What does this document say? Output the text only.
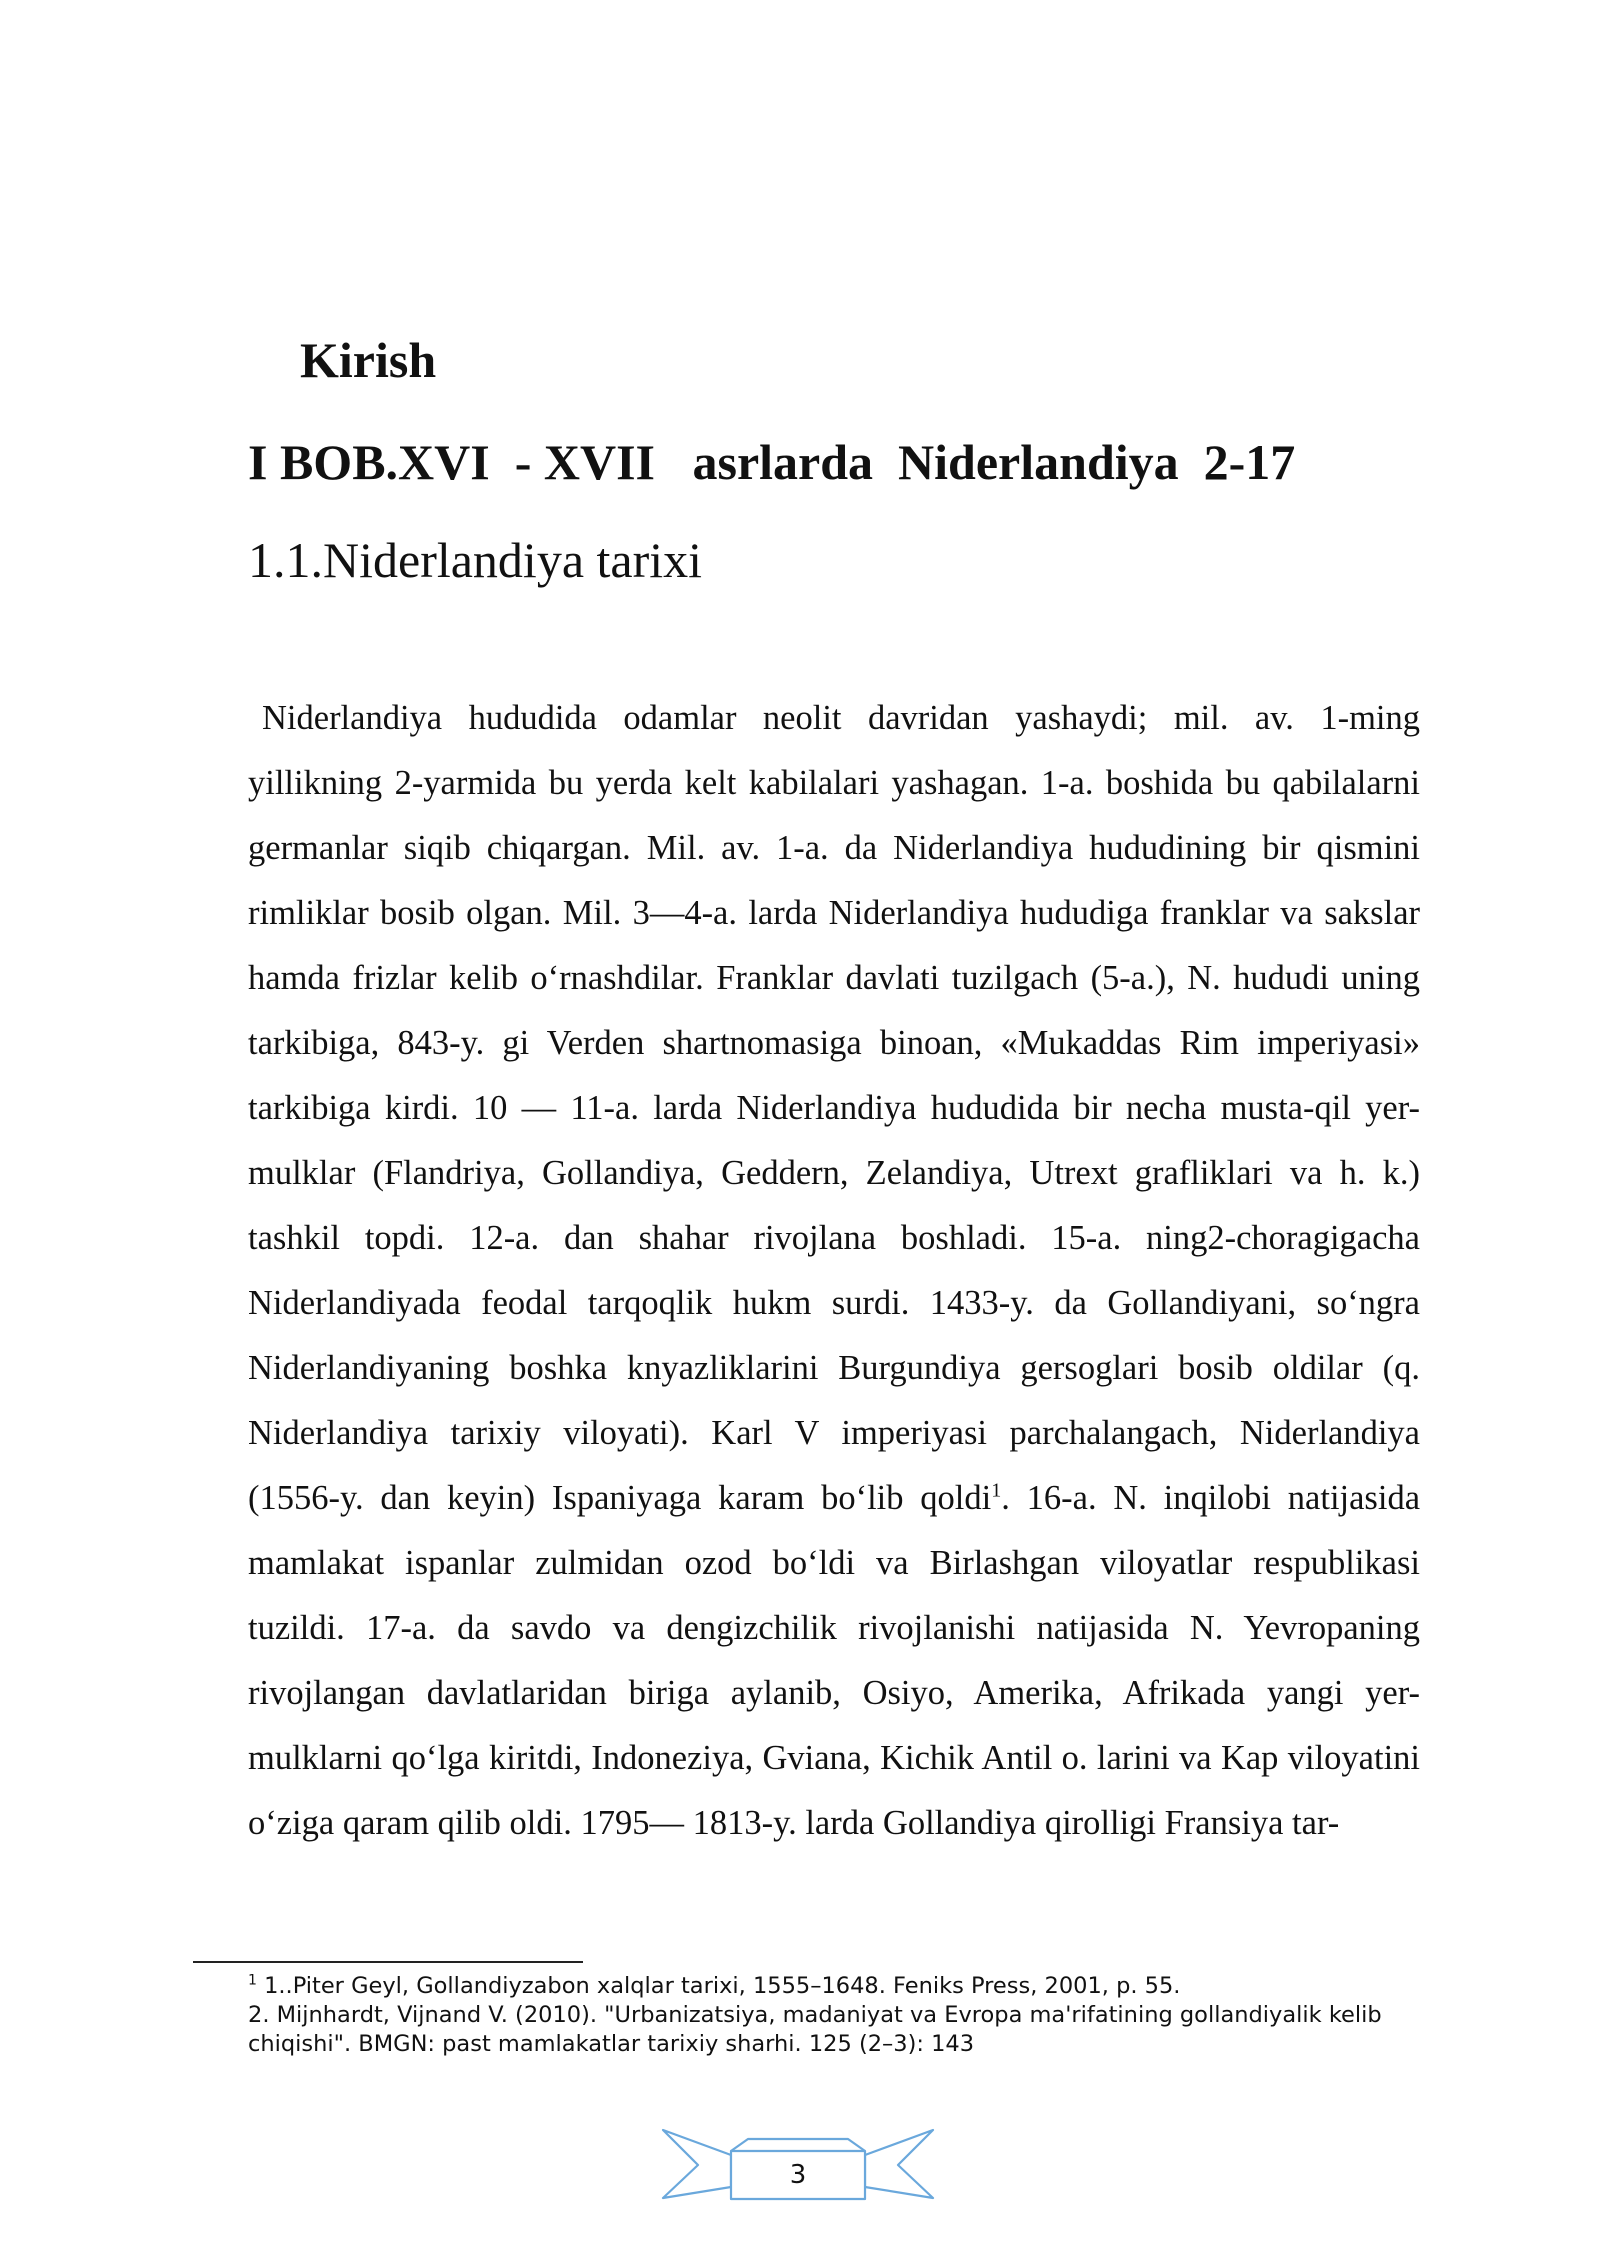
Kirish
I BOB.XVI  - XVII   asrlarda  Niderlandiya  2-17
1.1.Niderlandiya tarixi

Niderlandiya hududida odamlar neolit davridan yashaydi; mil. av. 1-ming yillikning 2-yarmida bu yerda kelt kabilalari yashagan. 1-a. boshida bu qabilalarni germanlar siqib chiqargan. Mil. av. 1-a. da Niderlandiya hududining bir qismini rimliklar bosib olgan. Mil. 3—4-a. larda Niderlandiya hududiga franklar va sakslar hamda frizlar kelib o‘rnashdilar. Franklar davlati tuzilgach (5-a.), N. hududi uning tarkibiga, 843-y. gi Verden shartnomasiga binoan, «Mukaddas Rim imperiyasi» tarkibiga kirdi. 10 — 11-a. larda Niderlandiya hududida bir necha musta-qil yer-mulklar (Flandriya, Gollandiya, Geddern, Zelandiya, Utrext grafliklari va h. k.) tashkil topdi. 12-a. dan shahar rivojlana boshladi. 15-a. ning2-choragigacha Niderlandiyada feodal tarqoqlik hukm surdi. 1433-y. da Gollandiyani, so‘ngra Niderlandiyaning boshka knyazliklarini Burgundiya gersoglari bosib oldilar (q. Niderlandiya tarixiy viloyati). Karl V imperiyasi parchalangach, Niderlandiya (1556-y. dan keyin) Ispaniyaga karam bo‘lib qoldi$^1$. 16-a. N. inqilobi natijasida mamlakat ispanlar zulmidan ozod bo‘ldi va Birlashgan viloyatlar respublikasi tuzildi. 17-a. da savdo va dengizchilik rivojlanishi natijasida N. Yevropaning rivojlangan davlatlaridan biriga aylanib, Osiyo, Amerika, Afrikada yangi yer-mulklarni qo‘lga kiritdi, Indoneziya, Gviana, Kichik Antil o. larini va Kap viloyatini o‘ziga qaram qilib oldi. 1795— 1813-y. larda Gollandiya qirolligi Fransiya tar-

$^1$ 1..Piter Geyl, Gollandiyzabon xalqlar tarixi, 1555–1648. Feniks Press, 2001, p. 55.

2. Mijnhardt, Vijnand V. (2010). "Urbanizatsiya, madaniyat va Evropa ma'rifatining gollandiyalik kelib chiqishi". BMGN: past mamlakatlar tarixiy sharhi. 125 (2–3): 143

3
